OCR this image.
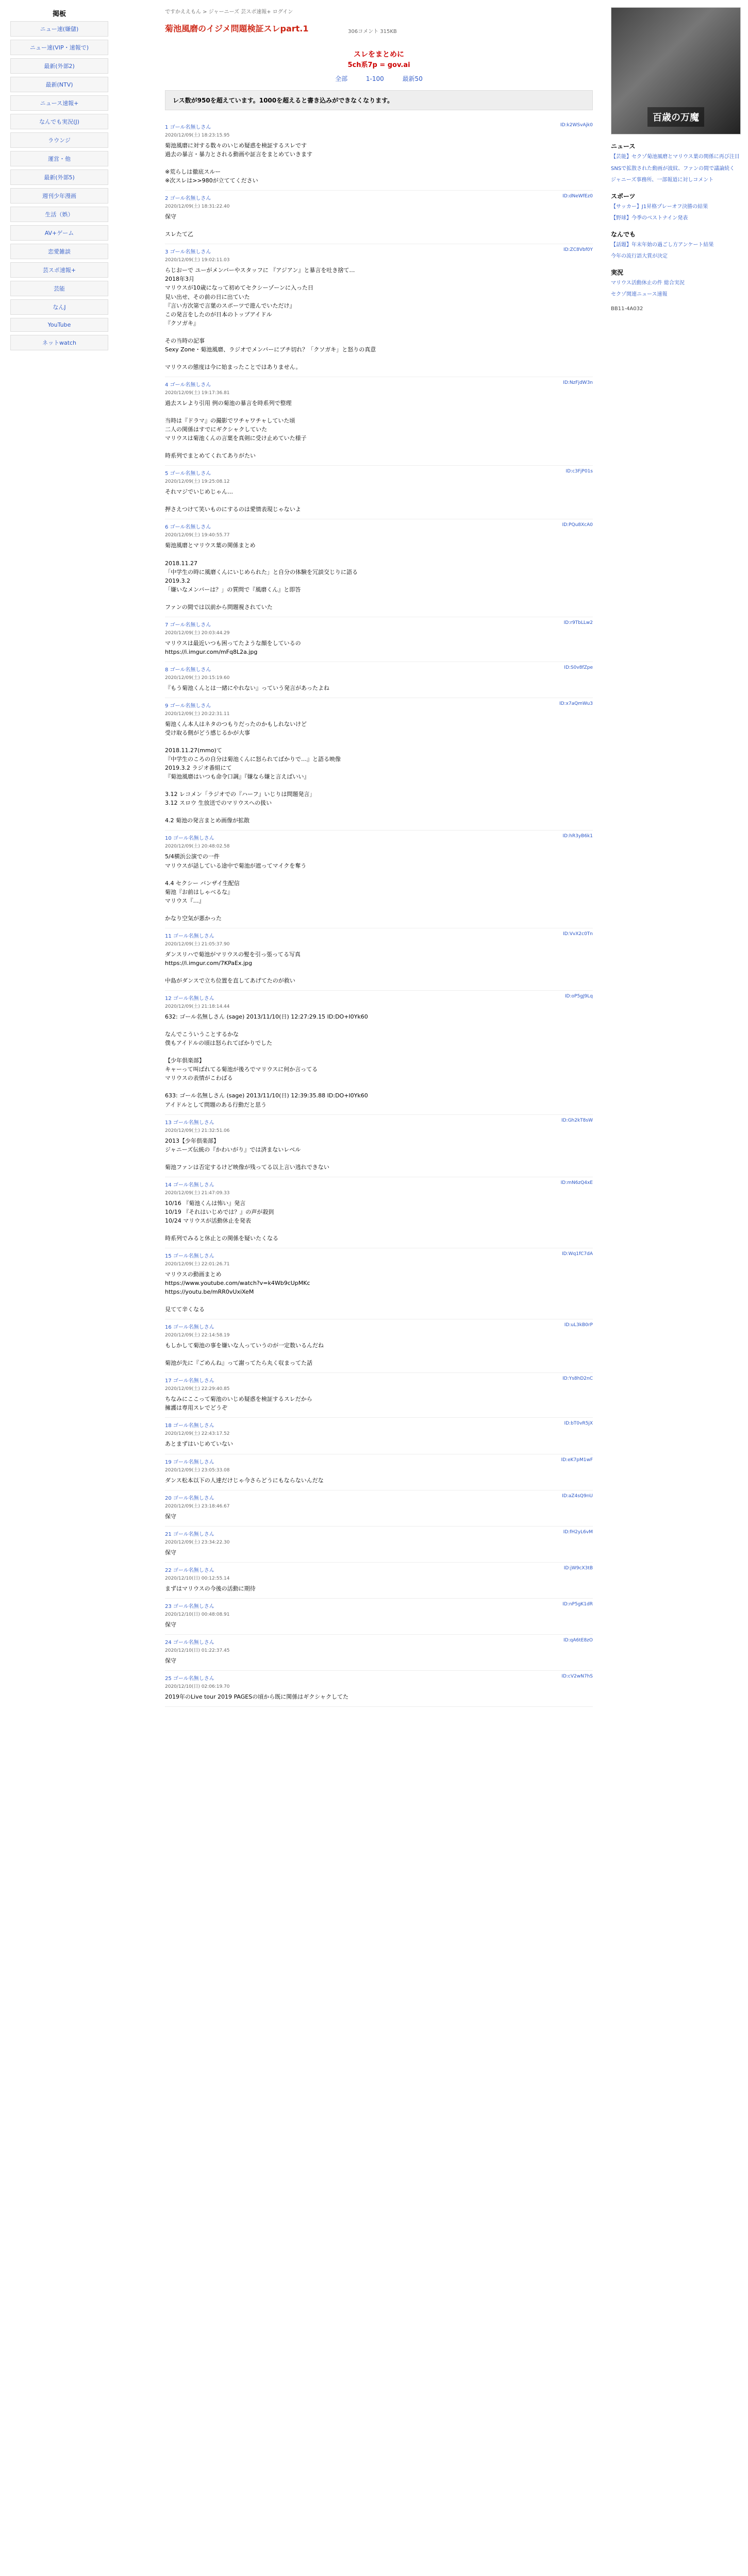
掲板
ニュー速(嫌儲)
ニュー速(VIP・速報で)
最新(外部2)
最新(NTV)
ニュース速報+
なんでも実況(J)
ラウンジ
運営・他
最新(外部5)
週刊少年漫画
生活（娯）
AV+ゲーム
恋愛雑談
芸スポ速報+
芸能
なんJ
YouTube
ネットwatch
ですかええもん > ジャーニーズ 芸スポ速報+ ログイン
菊池風磨のイジメ問題検証スレpart.1	306コメント 315KB
スレをまとめに
5ch系7p = gov.ai
全部	1-100	最新50
レス数が950を超えています。1000を超えると書き込みができなくなります。
1 ゴール名無しさん
2020/12/09(土) 18:23:15.95
ID:k2WSvAjk0
菊池風磨に対する数々のいじめ疑惑を検証するスレです
過去の暴言・暴力とされる動画や証言をまとめていきます

※荒らしは徹底スルー
※次スレは>>980が立ててください
2 ゴール名無しさん
2020/12/09(土) 18:31:22.40
ID:dNeWfEz0
保守

スレたて乙
3 ゴール名無しさん
2020/12/09(土) 19:02:11.03
ID:ZC8Vbf0Y
らじおーで ユーがメンバーやスタッフに 『アジアン』と暴言を吐き捨て…
2018年3月
マリウスが10歳になって初めてセクシーゾーンに入った日
見い出せ、その前の日に出ていた
『言い方次第で言葉のスポーツで遊んでいただけ』
この発言をしたのが日本のトップアイドル
『クソガキ』

その当時の記事
Sexy Zone・菊池風磨、ラジオでメンバーにブチ切れ？「クソガキ」と怒りの真意

マリウスの態度は今に始まったことではありません。
4 ゴール名無しさん
2020/12/09(土) 19:17:36.81
ID:NzFjdW3n
過去スレより引用 例の菊池の暴言を時系列で整理

当時は『ドラマ』の撮影でワチャワチャしていた頃
二人の関係はすでにギクシャクしていた
マリウスは菊池くんの言葉を真剣に受け止めていた様子

時系列でまとめてくれてありがたい
5 ゴール名無しさん
2020/12/09(土) 19:25:08.12
ID:c3FjP01s
それマジでいじめじゃん…

押さえつけて笑いものにするのは愛情表現じゃないよ
6 ゴール名無しさん
2020/12/09(土) 19:40:55.77
ID:PQu8XcA0
菊池風磨とマリウス葉の関係まとめ

2018.11.27
「中学生の時に風磨くんにいじめられた」と自分の体験を冗談交じりに語る
2019.3.2
「嫌いなメンバーは？」の質問で『風磨くん』と即答

ファンの間では以前から問題視されていた
7 ゴール名無しさん
2020/12/09(土) 20:03:44.29
ID:r9TbLLw2
マリウスは最近いつも困ってたような顔をしているの
https://i.imgur.com/mFq8L2a.jpg
8 ゴール名無しさん
2020/12/09(土) 20:15:19.60
ID:S0v8fZpe
『もう菊池くんとは一緒にやれない』っていう発言があったよね
9 ゴール名無しさん
2020/12/09(土) 20:22:31.11
ID:x7aQmWu3
菊池くん本人はネタのつもりだったのかもしれないけど
受け取る側がどう感じるかが大事

2018.11.27(mmo)て
『中学生のころの自分は菊池くんに怒られてばかりで…』と語る映像
2019.3.2 ラジオ番組にて
『菊池風磨はいつも命令口調』『嫌なら嫌と言えばいい』

3.12 レコメン「ラジオでの『ハーフ』いじりは問題発言」
3.12 スロウ 生放送でのマリウスへの扱い

4.2 菊池の発言まとめ画像が拡散
10 ゴール名無しさん
2020/12/09(土) 20:48:02.58
ID:hR3yB6k1
5/4横浜公演での一件
マリウスが話している途中で菊池が遮ってマイクを奪う

4.4 セクシー バンザイ生配信
菊池『お前はしゃべるな』
マリウス『…』

かなり空気が悪かった
11 ゴール名無しさん
2020/12/09(土) 21:05:37.90
ID:VvX2c0Tn
ダンスリハで菊池がマリウスの髪を引っ張ってる写真
https://i.imgur.com/7KPaEx.jpg

中島がダンスで立ち位置を直してあげてたのが救い
12 ゴール名無しさん
2020/12/09(土) 21:18:14.44
ID:oP5gJ9Lq
632: ゴール名無しさん (sage) 2013/11/10(日) 12:27:29.15 ID:DO+I0Yk60

なんでこういうことするかな
僕もアイドルの頃は怒られてばかりでした

【少年倶楽部】
キャーって叫ばれてる菊池が後ろでマリウスに何か言ってる
マリウスの表情がこわばる

633: ゴール名無しさん (sage) 2013/11/10(日) 12:39:35.88 ID:DO+I0Yk60
アイドルとして問題のある行動だと思う
13 ゴール名無しさん
2020/12/09(土) 21:32:51.06
ID:Gh2kT8sW
2013【少年倶楽部】
ジャニーズ伝統の『かわいがり』では済まないレベル

菊池ファンは否定するけど映像が残ってる以上言い逃れできない
14 ゴール名無しさん
2020/12/09(土) 21:47:09.33
ID:mN6zQ4xE
10/16 『菊池くんは怖い』発言
10/19 『それはいじめでは？』の声が殺到
10/24 マリウスが活動休止を発表

時系列でみると休止との関係を疑いたくなる
15 ゴール名無しさん
2020/12/09(土) 22:01:26.71
ID:Wq1fC7dA
マリウスの動画まとめ
https://www.youtube.com/watch?v=k4Wb9cUpMKc
https://youtu.be/mRR0vUxiXeM

見てて辛くなる
16 ゴール名無しさん
2020/12/09(土) 22:14:58.19
ID:uL3kB0rP
もしかして菊池の事を嫌いな人っていうのが一定数いるんだね

菊池が先に『ごめんね』って謝ってたら丸く収まってた話
17 ゴール名無しさん
2020/12/09(土) 22:29:40.85
ID:Ys8hD2nC
ちなみにここって菊池のいじめ疑惑を検証するスレだから
擁護は専用スレでどうぞ
18 ゴール名無しさん
2020/12/09(土) 22:43:17.52
ID:bT0vR5jX
あとまずはいじめていない
19 ゴール名無しさん
2020/12/09(土) 23:05:33.08
ID:eK7pM1wF
ダンス松本以下の人達だけじゃ今さらどうにもならないんだな
20 ゴール名無しさん
2020/12/09(土) 23:18:46.67
ID:aZ4sQ9nU
保守
21 ゴール名無しさん
2020/12/09(土) 23:34:22.30
ID:fH2yL6vM
保守
22 ゴール名無しさん
2020/12/10(日) 00:12:55.14
ID:jW9cX3tB
まずはマリウスの今後の活動に期待
23 ゴール名無しさん
2020/12/10(日) 00:48:08.91
ID:nP5gK1dR
保守
24 ゴール名無しさん
2020/12/10(日) 01:22:37.45
ID:qA6tE8zO
保守
25 ゴール名無しさん
2020/12/10(日) 02:06:19.70
ID:cV2wN7hS
2019年のLive tour 2019 PAGESの頃から既に関係はギクシャクしてた
百歳の万魔
ニュース

【芸能】セクゾ菊池風磨とマリウス葉の関係に再び注目

SNSで拡散された動画が波紋、ファンの間で議論続く

ジャニーズ事務所、一部報道に対しコメント

スポーツ

【サッカー】J1昇格プレーオフ決勝の結果

【野球】今季のベストナイン発表

なんでも

【話題】年末年始の過ごし方アンケート結果

今年の流行語大賞が決定

実況

マリウス活動休止の件 総合実況

セクゾ関連ニュース速報

BB11-4A032
